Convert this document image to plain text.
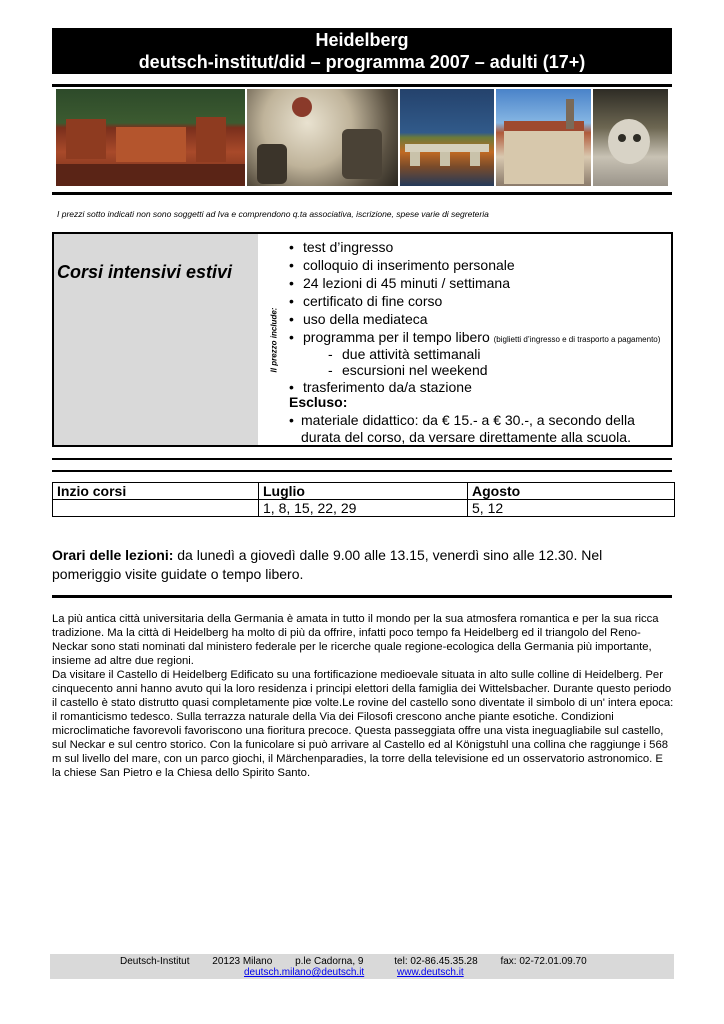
Heidelberg
deutsch-institut/did – programma 2007 – adulti (17+)
I prezzi sotto indicati non sono soggetti ad Iva e comprendono q.ta associativa, iscrizione, spese varie di segreteria
Corsi intensivi estivi
Il prezzo include:
• test d’ingresso
• colloquio di inserimento personale
• 24 lezioni di 45 minuti / settimana
• certificato di fine corso
• uso della mediateca
• programma per il tempo libero (biglietti d’ingresso e di trasporto a pagamento)
- due attività settimanali
- escursioni nel weekend
• trasferimento da/a stazione
Escluso:
• materiale didattico: da € 15.- a € 30.-, a secondo della durata del corso, da versare direttamente alla scuola.
Inzio corsi	Luglio	Agosto
	1, 8, 15, 22, 29	5, 12
Orari delle lezioni: da lunedì a giovedì dalle 9.00 alle 13.15, venerdì sino alle 12.30. Nel pomeriggio visite guidate o tempo libero.

La più antica città universitaria della Germania è amata in tutto il mondo per la sua atmosfera romantica e per la sua ricca tradizione. Ma la città di Heidelberg ha molto di più da offrire, infatti poco tempo fa Heidelberg ed il triangolo del Reno-Neckar sono stati nominati dal ministero federale per le ricerche quale regione-ecologica della Germania più importante, insieme ad altre due regioni.

Da visitare il Castello di Heidelberg Edificato su una fortificazione medioevale situata in alto sulle colline di Heidelberg. Per cinquecento anni hanno avuto qui la loro residenza i principi elettori della famiglia dei Wittelsbacher. Durante questo periodo il castello è stato distrutto quasi completamente piœ volte.Le rovine del castello sono diventate il simbolo di un' intera epoca: il romanticismo tedesco. Sulla terrazza naturale della Via dei Filosofi crescono anche piante esotiche. Condizioni microclimatiche favorevoli favoriscono una fioritura precoce. Questa passeggiata offre una vista ineguagliabile sul castello, sul Neckar e sul centro storico. Con la funicolare si può arrivare al Castello ed al Königstuhl una collina che raggiunge i 568 m sul livello del mare, con un parco giochi, il Märchenparadies, la torre della televisione ed un osservatorio astronomico. E la chiese San Pietro e la Chiesa dello Spirito Santo.

Deutsch-Institut 20123 Milano p.le Cadorna, 9	tel: 02-86.45.35.28 fax: 02-72.01.09.70
deutsch.milano@deutsch.it	www.deutsch.it
